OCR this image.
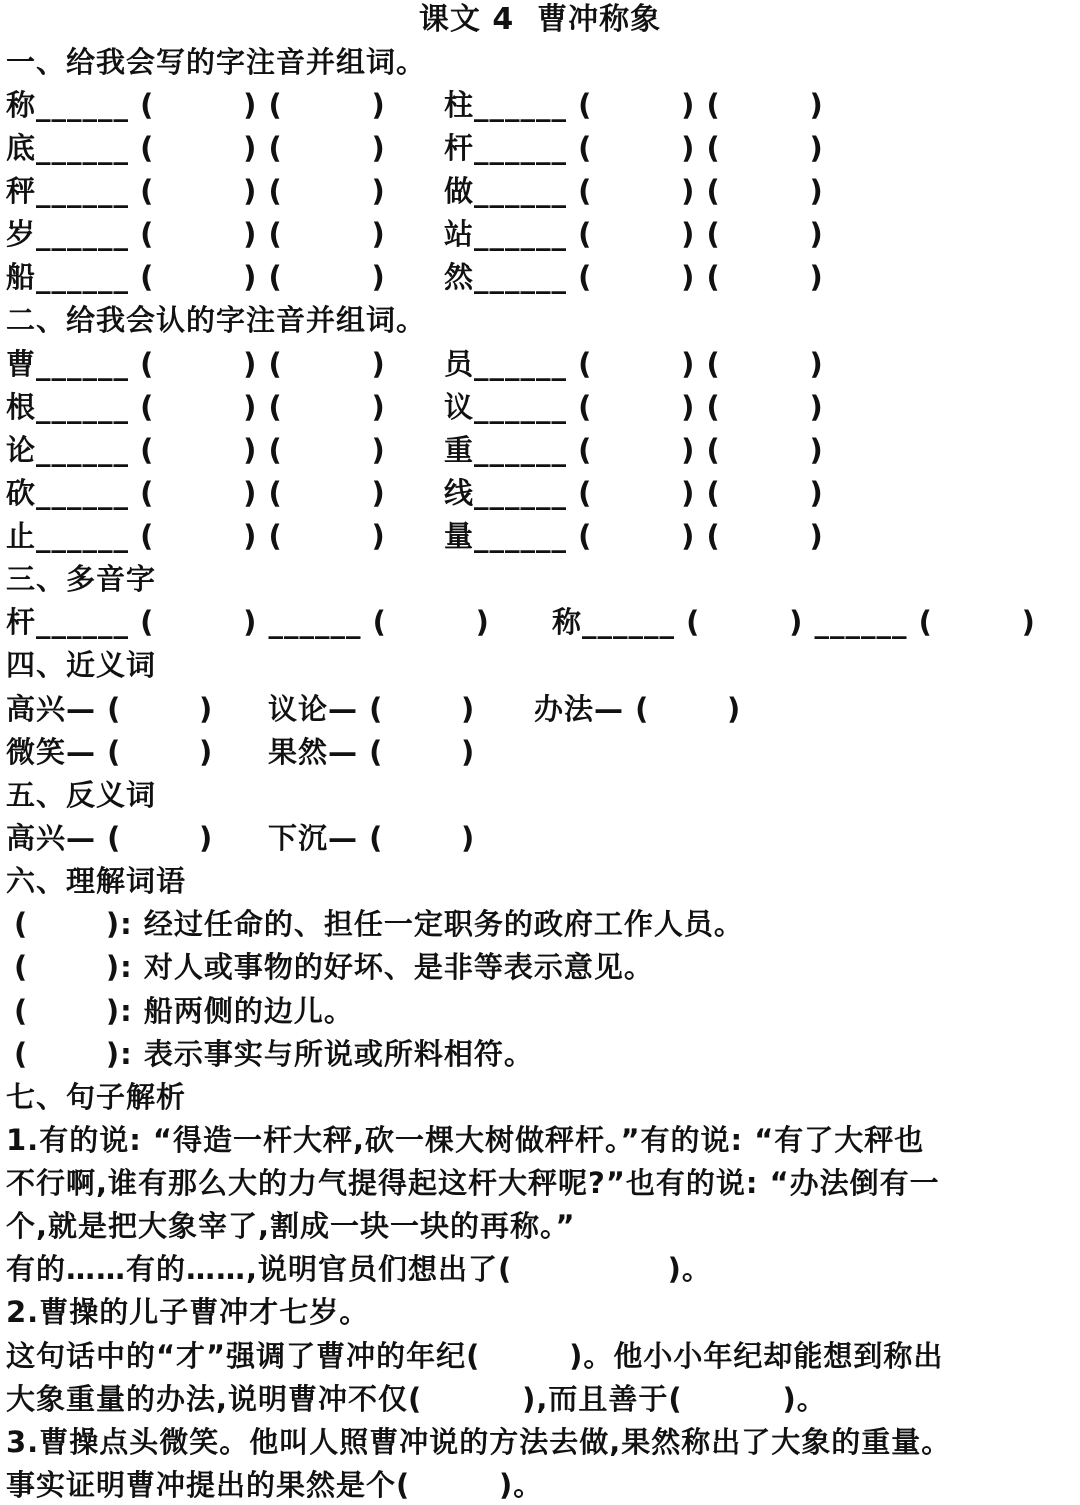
课文 4  曹冲称象
一、给我会写的字注音并组词。

称______ (        ) (        )

柱______ (        ) (        )

底______ (        ) (        )

杆______ (        ) (        )

秤______ (        ) (        )

做______ (        ) (        )

岁______ (        ) (        )

站______ (        ) (        )

船______ (        ) (        )

然______ (        ) (        )

二、给我会认的字注音并组词。

曹______ (        ) (        )

员______ (        ) (        )

根______ (        ) (        )

议______ (        ) (        )

论______ (        ) (        )

重______ (        ) (        )

砍______ (        ) (        )

线______ (        ) (        )

止______ (        ) (        )

量______ (        ) (        )

三、多音字

杆______ (        ) ______ (        )

称______ (        ) ______ (        )

四、近义词

高兴— (       )

议论— (       )

办法— (       )

微笑— (       )

果然— (       )

五、反义词

高兴— (       )

下沉— (       )

六、理解词语
(       ): 经过任命的、担任一定职务的政府工作人员。
(       ): 对人或事物的好坏、是非等表示意见。
(       ): 船两侧的边儿。
(       ): 表示事实与所说或所料相符。
七、句子解析
1.有的说: “得造一杆大秤,砍一棵大树做秤杆。”有的说: “有了大秤也
不行啊,谁有那么大的力气提得起这杆大秤呢?”也有的说: “办法倒有一
个,就是把大象宰了,割成一块一块的再称。”
有的……有的……,说明官员们想出了(              )。
2.曹操的儿子曹冲才七岁。
这句话中的“才”强调了曹冲的年纪(        )。他小小年纪却能想到称出
大象重量的办法,说明曹冲不仅(         ),而且善于(         )。
3.曹操点头微笑。他叫人照曹冲说的方法去做,果然称出了大象的重量。
事实证明曹冲提出的果然是个(        )。
